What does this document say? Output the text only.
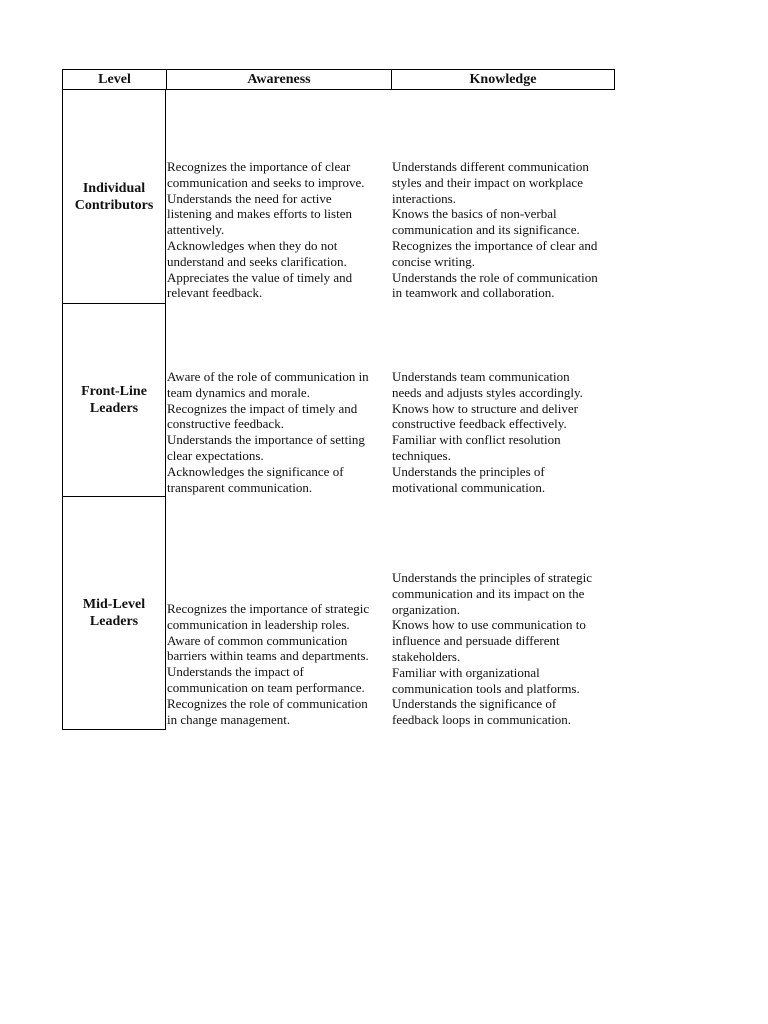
Level	Awareness	Knowledge
Individual Contributors
Recognizes the importance of clear
communication and seeks to improve.
Understands the need for active
listening and makes efforts to listen
attentively.
Acknowledges when they do not
understand and seeks clarification.
Appreciates the value of timely and
relevant feedback.
Understands different communication
styles and their impact on workplace
interactions.
Knows the basics of non-verbal
communication and its significance.
Recognizes the importance of clear and
concise writing.
Understands the role of communication
in teamwork and collaboration.
Front-Line Leaders
Aware of the role of communication in
team dynamics and morale.
Recognizes the impact of timely and
constructive feedback.
Understands the importance of setting
clear expectations.
Acknowledges the significance of
transparent communication.
Understands team communication
needs and adjusts styles accordingly.
Knows how to structure and deliver
constructive feedback effectively.
Familiar with conflict resolution
techniques.
Understands the principles of
motivational communication.
Mid-Level Leaders
Recognizes the importance of strategic
communication in leadership roles.
Aware of common communication
barriers within teams and departments.
Understands the impact of
communication on team performance.
Recognizes the role of communication
in change management.
Understands the principles of strategic
communication and its impact on the
organization.
Knows how to use communication to
influence and persuade different
stakeholders.
Familiar with organizational
communication tools and platforms.
Understands the significance of
feedback loops in communication.
